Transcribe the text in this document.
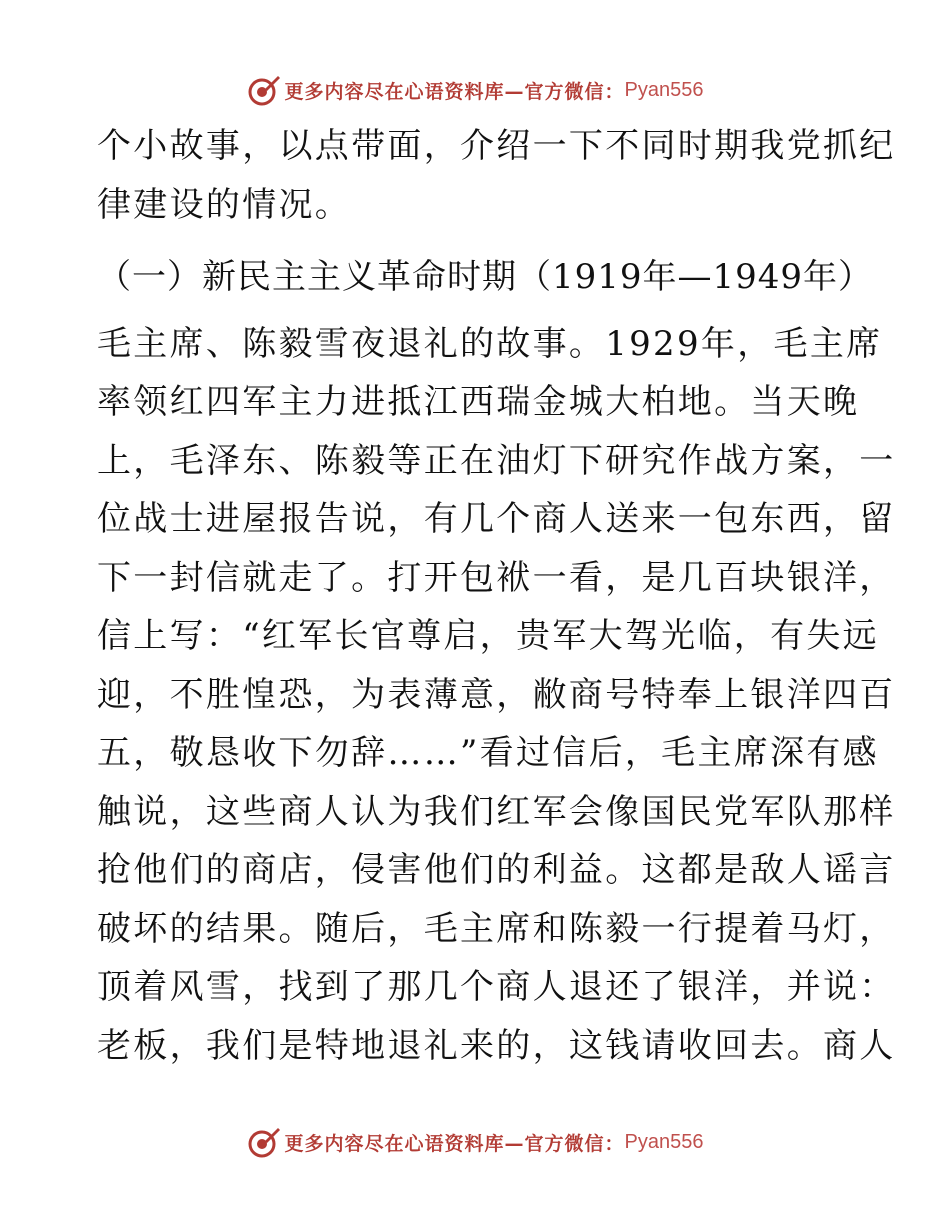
更多内容尽在心语资料库—官方微信： Pyan556
个小故事，以点带面，介绍一下不同时期我党抓纪
律建设的情况。
（一）新民主主义革命时期（1919年—1949年）
毛主席、陈毅雪夜退礼的故事。1929年，毛主席
率领红四军主力进抵江西瑞金城大柏地。当天晚
上，毛泽东、陈毅等正在油灯下研究作战方案，一
位战士进屋报告说，有几个商人送来一包东西，留
下一封信就走了。打开包袱一看，是几百块银洋，
信上写：“红军长官尊启，贵军大驾光临，有失远
迎，不胜惶恐，为表薄意，敝商号特奉上银洋四百
五，敬恳收下勿辞……”看过信后，毛主席深有感
触说，这些商人认为我们红军会像国民党军队那样
抢他们的商店，侵害他们的利益。这都是敌人谣言
破坏的结果。随后，毛主席和陈毅一行提着马灯，
顶着风雪，找到了那几个商人退还了银洋，并说：
老板，我们是特地退礼来的，这钱请收回去。商人
更多内容尽在心语资料库—官方微信： Pyan556
